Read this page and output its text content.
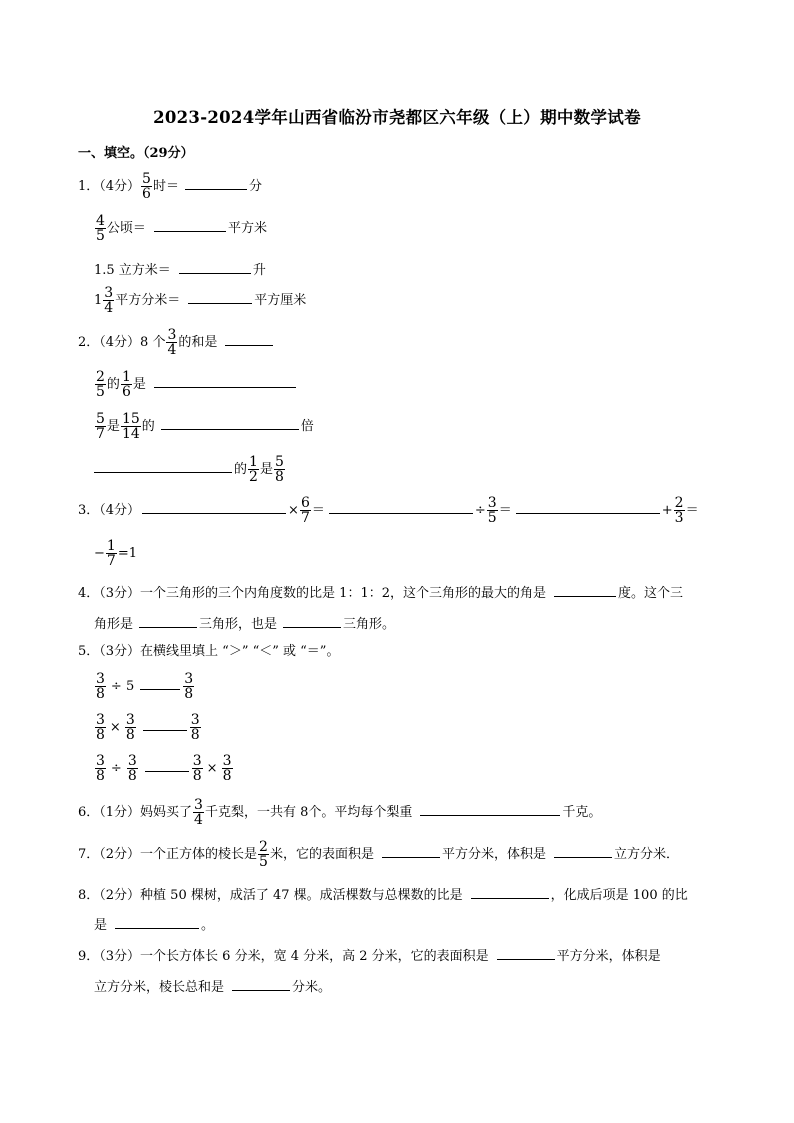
2023-2024学年山西省临汾市尧都区六年级（上）期中数学试卷
一、填空。（29分）
1．（4分） $\frac{5}{6}$ 时＝	分
$\frac{4}{5}$ 公顷＝	平方米
1.5 立方米＝	升
$1 \frac{3}{4}$ 平方分米＝	平方厘米
2．（4分）8 个 $\frac{3}{4}$ 的和是
$\frac{2}{5}$ 的 $\frac{1}{6}$ 是
$\frac{5}{7}$ 是 $\frac{15}{14}$ 的	倍
的 $\frac{1}{2}$ 是 $\frac{5}{8}$
3．（4分）	× $\frac{6}{7}$ ＝	÷ $\frac{3}{5}$ ＝	+ $\frac{2}{3}$ ＝
− $\frac{1}{7} =1$
4．（3分）一个三角形的三个内角度数的比是 1：1：2，这个三角形的最大的角是	度。这个三
角形是	三角形，也是	三角形。
5．（3分）在横线里填上 “＞” “＜” 或 “＝”。
$\frac{3}{8} \div 5$	$\frac{3}{8}$
$\frac{3}{8} \times \frac{3}{8}$	$\frac{3}{8}$
$\frac{3}{8} \div \frac{3}{8}$	$\frac{3}{8} \times \frac{3}{8}$
6．（1分）妈妈买了 $\frac{3}{4}$ 千克梨，一共有 8个。平均每个梨重	千克。
7．（2分）一个正方体的棱长是 $\frac{2}{5}$ 米，它的表面积是	平方分米，体积是	立方分米．
8．（2分）种植 50 棵树，成活了 47 棵。成活棵数与总棵数的比是	，化成后项是 100 的比
是	。
9．（3分）一个长方体长 6 分米，宽 4 分米，高 2 分米，它的表面积是	平方分米，体积是
立方分米，棱长总和是	分米。
